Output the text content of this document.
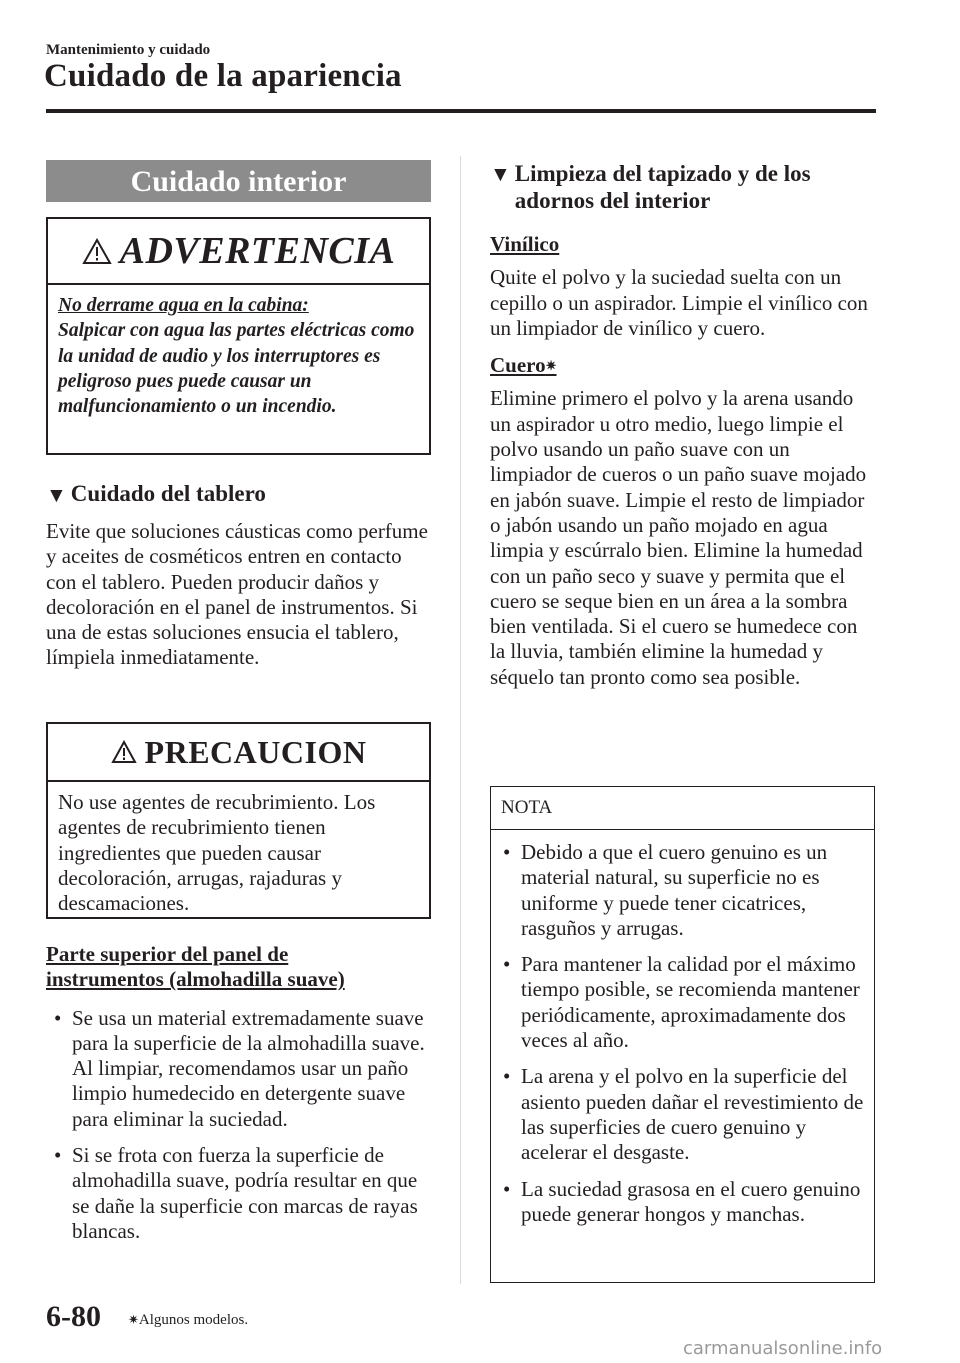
Mantenimiento y cuidado
Cuidado de la apariencia
Cuidado interior
ADVERTENCIA
No derrame agua en la cabina:
Salpicar con agua las partes eléctricas como la unidad de audio y los interruptores es peligroso pues puede causar un malfuncionamiento o un incendio.
▼ Cuidado del tablero
Evite que soluciones cáusticas como perfume y aceites de cosméticos entren en contacto con el tablero. Pueden producir daños y decoloración en el panel de instrumentos. Si una de estas soluciones ensucia el tablero, límpiela inmediatamente.
PRECAUCION
No use agentes de recubrimiento. Los agentes de recubrimiento tienen ingredientes que pueden causar decoloración, arrugas, rajaduras y descamaciones.
Parte superior del panel de instrumentos (almohadilla suave)
• Se usa un material extremadamente suave para la superficie de la almohadilla suave. Al limpiar, recomendamos usar un paño limpio humedecido en detergente suave para eliminar la suciedad.
• Si se frota con fuerza la superficie de almohadilla suave, podría resultar en que se dañe la superficie con marcas de rayas blancas.
▼ Limpieza del tapizado y de los adornos del interior
Vinílico
Quite el polvo y la suciedad suelta con un cepillo o un aspirador. Limpie el vinílico con un limpiador de vinílico y cuero.
Cuero✷
Elimine primero el polvo y la arena usando un aspirador u otro medio, luego limpie el polvo usando un paño suave con un limpiador de cueros o un paño suave mojado en jabón suave. Limpie el resto de limpiador o jabón usando un paño mojado en agua limpia y escúrralo bien. Elimine la humedad con un paño seco y suave y permita que el cuero se seque bien en un área a la sombra bien ventilada. Si el cuero se humedece con la lluvia, también elimine la humedad y séquelo tan pronto como sea posible.
NOTA
• Debido a que el cuero genuino es un material natural, su superficie no es uniforme y puede tener cicatrices, rasguños y arrugas.
• Para mantener la calidad por el máximo tiempo posible, se recomienda mantener periódicamente, aproximadamente dos veces al año.
• La arena y el polvo en la superficie del asiento pueden dañar el revestimiento de las superficies de cuero genuino y acelerar el desgaste.
• La suciedad grasosa en el cuero genuino puede generar hongos y manchas.
6-80 ✷Algunos modelos.
carmanualsonline.info
